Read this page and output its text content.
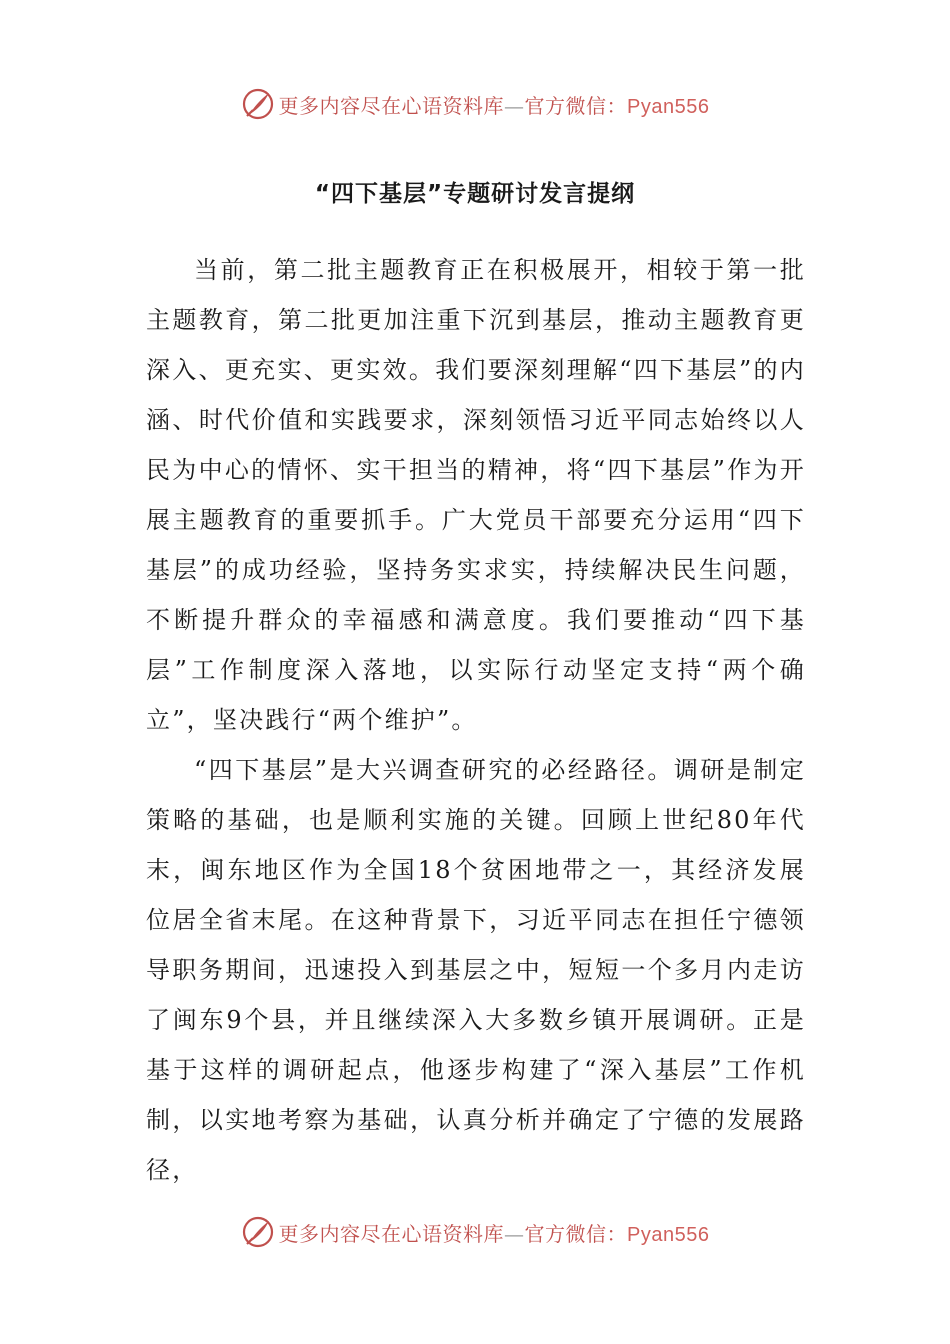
更多内容尽在心语资料库—官方微信：Pyan556
“四下基层”专题研讨发言提纲

当前，第二批主题教育正在积极展开，相较于第一批主题教育，第二批更加注重下沉到基层，推动主题教育更深入、更充实、更实效。我们要深刻理解“四下基层”的内涵、时代价值和实践要求，深刻领悟习近平同志始终以人民为中心的情怀、实干担当的精神，将“四下基层”作为开展主题教育的重要抓手。广大党员干部要充分运用“四下基层”的成功经验，坚持务实求实，持续解决民生问题，不断提升群众的幸福感和满意度。我们要推动“四下基层”工作制度深入落地，以实际行动坚定支持“两个确立”，坚决践行“两个维护”。

“四下基层”是大兴调查研究的必经路径。调研是制定策略的基础，也是顺利实施的关键。回顾上世纪80年代末，闽东地区作为全国18个贫困地带之一，其经济发展位居全省末尾。在这种背景下，习近平同志在担任宁德领导职务期间，迅速投入到基层之中，短短一个多月内走访了闽东9个县，并且继续深入大多数乡镇开展调研。正是基于这样的调研起点，他逐步构建了“深入基层”工作机制，以实地考察为基础，认真分析并确定了宁德的发展路径，

更多内容尽在心语资料库—官方微信：Pyan556
